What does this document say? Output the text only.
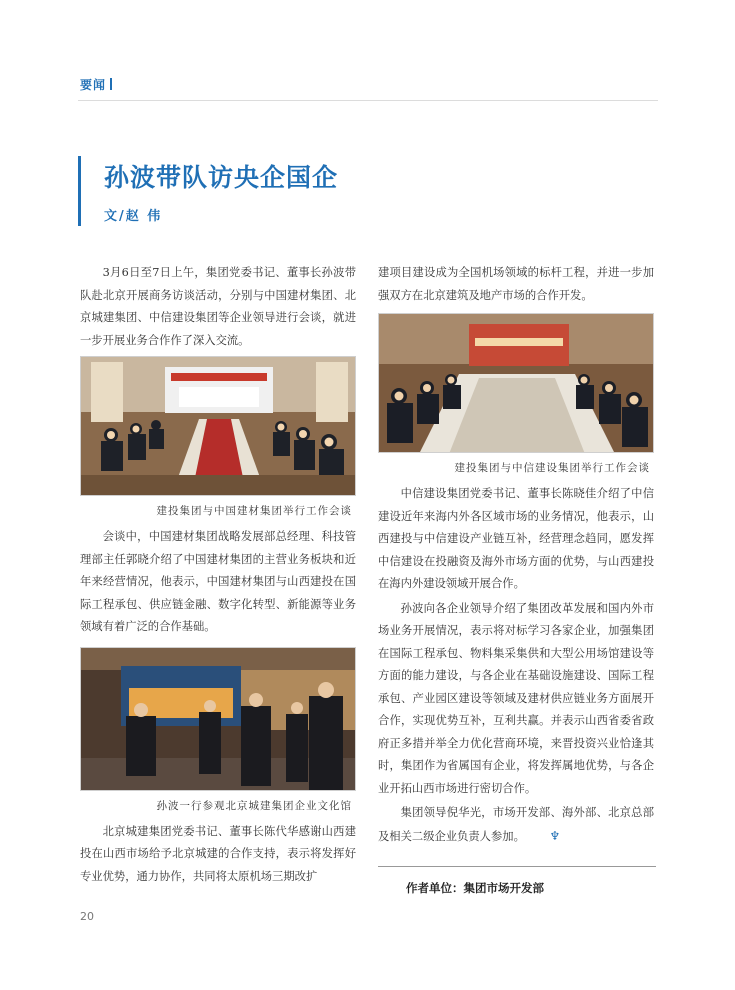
要闻
孙波带队访央企国企
文/赵 伟

3月6日至7日上午，集团党委书记、董事长孙波带队赴北京开展商务访谈活动，分别与中国建材集团、北京城建集团、中信建设集团等企业领导进行会谈，就进一步开展业务合作作了深入交流。

建投集团与中国建材集团举行工作会谈

会谈中，中国建材集团战略发展部总经理、科技管理部主任郭晓介绍了中国建材集团的主营业务板块和近年来经营情况，他表示，中国建材集团与山西建投在国际工程承包、供应链金融、数字化转型、新能源等业务领域有着广泛的合作基础。

孙波一行参观北京城建集团企业文化馆

北京城建集团党委书记、董事长陈代华感谢山西建投在山西市场给予北京城建的合作支持，表示将发挥好专业优势，通力协作，共同将太原机场三期改扩

建项目建设成为全国机场领域的标杆工程，并进一步加强双方在北京建筑及地产市场的合作开发。

建投集团与中信建设集团举行工作会谈

中信建设集团党委书记、董事长陈晓佳介绍了中信建设近年来海内外各区域市场的业务情况，他表示，山西建投与中信建设产业链互补，经营理念趋同，愿发挥中信建设在投融资及海外市场方面的优势，与山西建投在海内外建设领域开展合作。

孙波向各企业领导介绍了集团改革发展和国内外市场业务开展情况，表示将对标学习各家企业，加强集团在国际工程承包、物料集采集供和大型公用场馆建设等方面的能力建设，与各企业在基础设施建设、国际工程承包、产业园区建设等领域及建材供应链业务方面展开合作，实现优势互补，互利共赢。并表示山西省委省政府正多措并举全力优化营商环境，来晋投资兴业恰逢其时，集团作为省属国有企业，将发挥属地优势，与各企业开拓山西市场进行密切合作。

集团领导倪华光，市场开发部、海外部、北京总部及相关二级企业负责人参加。 ♆

作者单位：集团市场开发部
20
